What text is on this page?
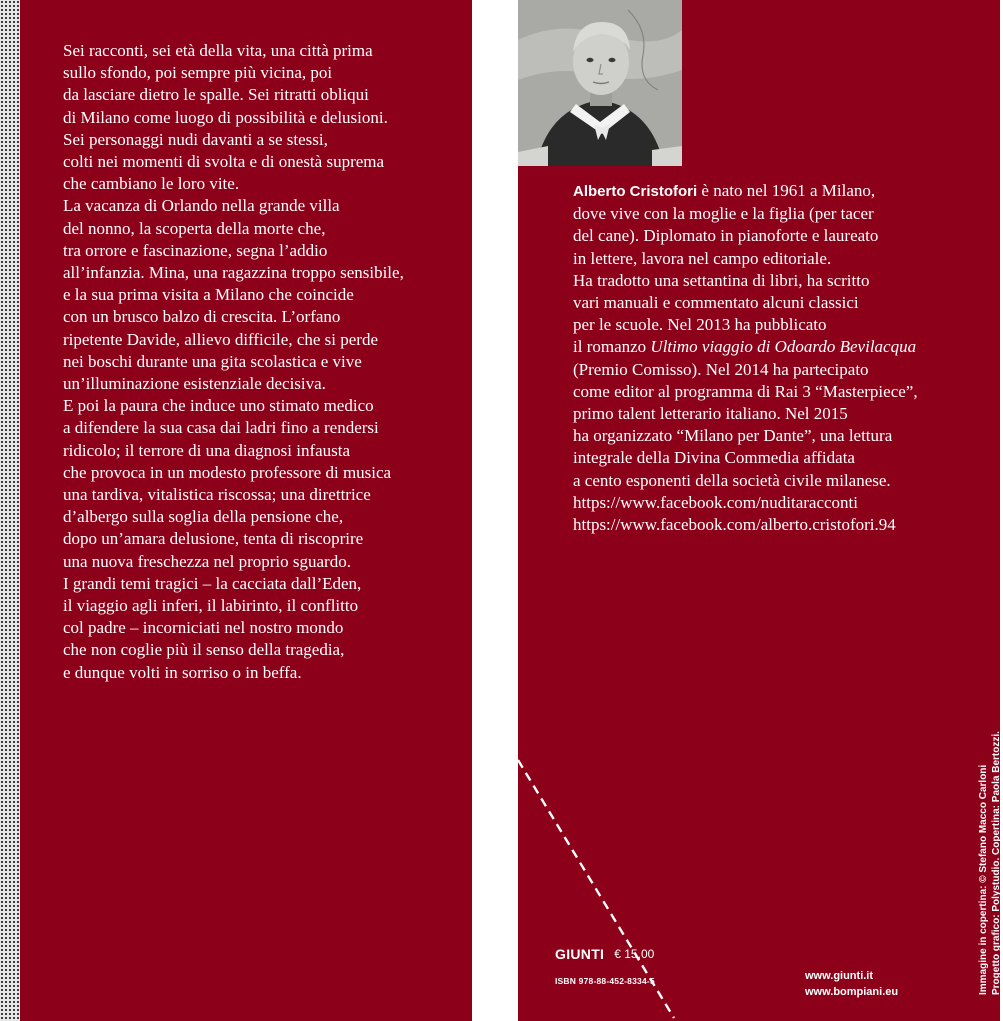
Sei racconti, sei età della vita, una città prima
sullo sfondo, poi sempre più vicina, poi
da lasciare dietro le spalle. Sei ritratti obliqui
di Milano come luogo di possibilità e delusioni.
Sei personaggi nudi davanti a se stessi,
colti nei momenti di svolta e di onestà suprema
che cambiano le loro vite.
La vacanza di Orlando nella grande villa
del nonno, la scoperta della morte che,
tra orrore e fascinazione, segna l’addio
all’infanzia. Mina, una ragazzina troppo sensibile,
e la sua prima visita a Milano che coincide
con un brusco balzo di crescita. L’orfano
ripetente Davide, allievo difficile, che si perde
nei boschi durante una gita scolastica e vive
un’illuminazione esistenziale decisiva.
E poi la paura che induce uno stimato medico
a difendere la sua casa dai ladri fino a rendersi
ridicolo; il terrore di una diagnosi infausta
che provoca in un modesto professore di musica
una tardiva, vitalistica riscossa; una direttrice
d’albergo sulla soglia della pensione che,
dopo un’amara delusione, tenta di riscoprire
una nuova freschezza nel proprio sguardo.
I grandi temi tragici – la cacciata dall’Eden,
il viaggio agli inferi, il labirinto, il conflitto
col padre – incorniciati nel nostro mondo
che non coglie più il senso della tragedia,
e dunque volti in sorriso o in beffa.

Alberto Cristofori è nato nel 1961 a Milano,

dove vive con la moglie e la figlia (per tacer
del cane). Diplomato in pianoforte e laureato
in lettere, lavora nel campo editoriale.
Ha tradotto una settantina di libri, ha scritto
vari manuali e commentato alcuni classici
per le scuole. Nel 2013 ha pubblicato

il romanzo Ultimo viaggio di Odoardo Bevilacqua

(Premio Comisso). Nel 2014 ha partecipato
come editor al programma di Rai 3 “Masterpiece”,
primo talent letterario italiano. Nel 2015
ha organizzato “Milano per Dante”, una lettura
integrale della Divina Commedia affidata
a cento esponenti della società civile milanese.
https://www.facebook.com/nuditaracconti
https://www.facebook.com/alberto.cristofori.94
GIUNTI € 15,00
ISBN 978-88-452-8334-5	www.giunti.it
www.bompiani.eu	Immagine in copertina: © Stefano Macco Carloni Progetto grafico: Polystudio. Copertina: Paola Bertozzi.
